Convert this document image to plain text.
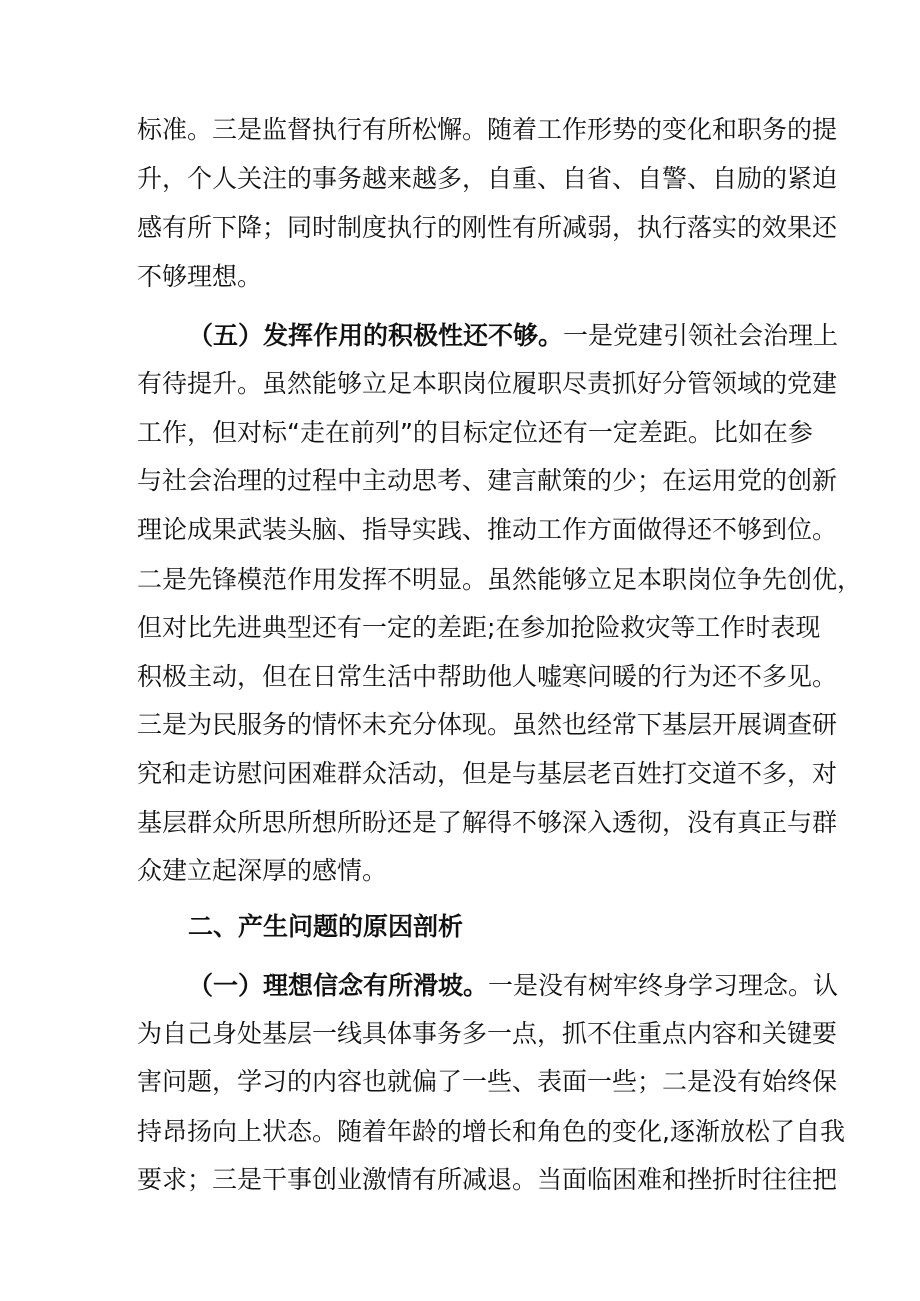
标准。三是监督执行有所松懈。随着工作形势的变化和职务的提
升，个人关注的事务越来越多，自重、自省、自警、自励的紧迫
感有所下降；同时制度执行的刚性有所减弱，执行落实的效果还
不够理想。
（五）发挥作用的积极性还不够。一是党建引领社会治理上
有待提升。虽然能够立足本职岗位履职尽责抓好分管领域的党建
工作，但对标“走在前列”的目标定位还有一定差距。比如在参
与社会治理的过程中主动思考、建言献策的少；在运用党的创新
理论成果武装头脑、指导实践、推动工作方面做得还不够到位。
二是先锋模范作用发挥不明显。虽然能够立足本职岗位争先创优，
但对比先进典型还有一定的差距;在参加抢险救灾等工作时表现
积极主动，但在日常生活中帮助他人嘘寒问暖的行为还不多见。
三是为民服务的情怀未充分体现。虽然也经常下基层开展调查研
究和走访慰问困难群众活动，但是与基层老百姓打交道不多，对
基层群众所思所想所盼还是了解得不够深入透彻，没有真正与群
众建立起深厚的感情。
二、产生问题的原因剖析
（一）理想信念有所滑坡。一是没有树牢终身学习理念。认
为自己身处基层一线具体事务多一点，抓不住重点内容和关键要
害问题，学习的内容也就偏了一些、表面一些；二是没有始终保
持昂扬向上状态。随着年龄的增长和角色的变化,逐渐放松了自我
要求；三是干事创业激情有所减退。当面临困难和挫折时往往把
